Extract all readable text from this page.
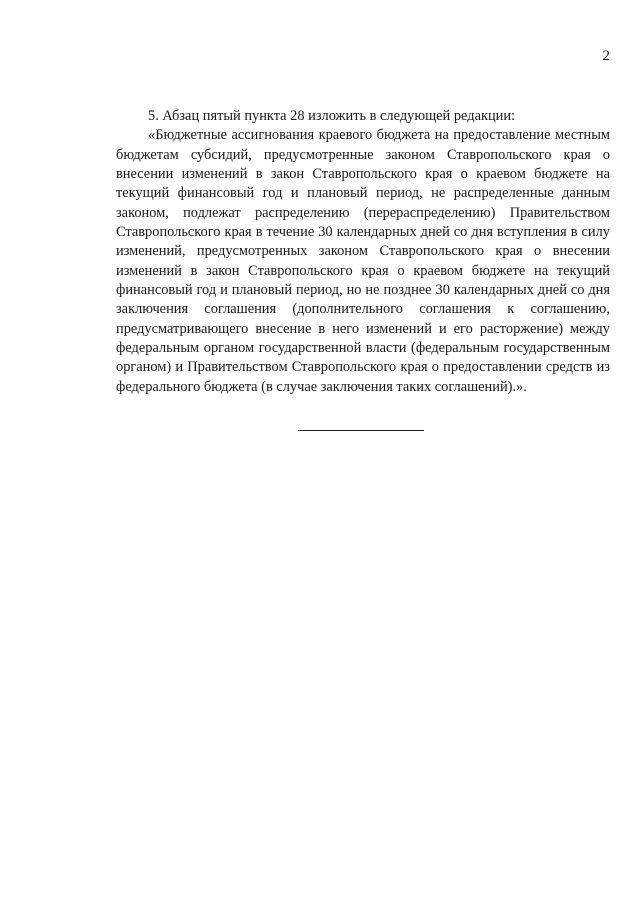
2

5. Абзац пятый пункта 28 изложить в следующей редакции:

«Бюджетные ассигнования краевого бюджета на предоставление местным бюджетам субсидий, предусмотренные законом Ставропольского края о внесении изменений в закон Ставропольского края о краевом бюджете на текущий финансовый год и плановый период, не распределенные данным законом, подлежат распределению (перераспределению) Правительством Ставропольского края в течение 30 календарных дней со дня вступления в силу изменений, предусмотренных законом Ставропольского края о внесении изменений в закон Ставропольского края о краевом бюджете на текущий финансовый год и плановый период, но не позднее 30 календарных дней со дня заключения соглашения (дополнительного соглашения к соглашению, предусматривающего внесение в него изменений и его расторжение) между федеральным органом государственной власти (федеральным государственным органом) и Правительством Ставропольского края о предоставлении средств из федерального бюджета (в случае заключения таких соглашений).».
